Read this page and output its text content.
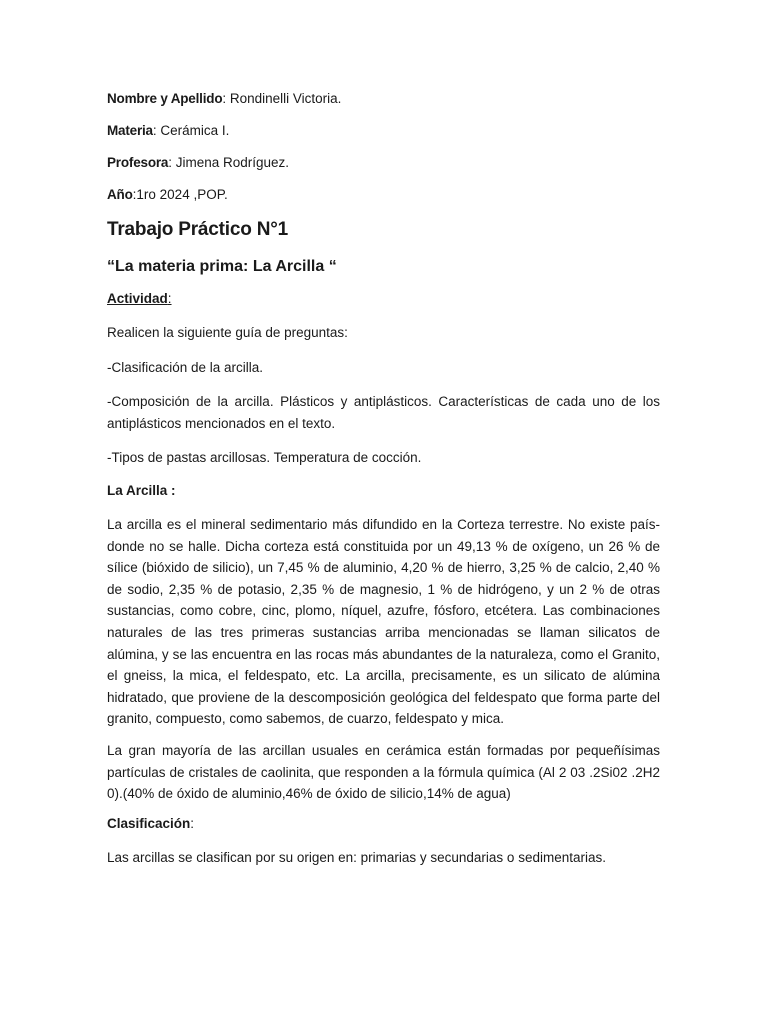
Nombre y Apellido: Rondinelli Victoria.
Materia: Cerámica I.
Profesora: Jimena Rodríguez.
Año:1ro 2024 ,POP.
Trabajo Práctico N°1
“La materia prima: La Arcilla “
Actividad:

Realicen la siguiente guía de preguntas:

-Clasificación de la arcilla.

-Composición de la arcilla. Plásticos y antiplásticos. Características de cada uno de los antiplásticos mencionados en el texto.

-Tipos de pastas arcillosas. Temperatura de cocción.

La Arcilla :

La arcilla es el mineral sedimentario más difundido en la Corteza terrestre. No existe país-donde no se halle. Dicha corteza está constituida por un 49,13 % de oxígeno, un 26 % de sílice (bióxido de silicio), un 7,45 % de aluminio, 4,20 % de hierro, 3,25 % de calcio, 2,40 % de sodio, 2,35 % de potasio, 2,35 % de magnesio, 1 % de hidrógeno, y un 2 % de otras sustancias, como cobre, cinc, plomo, níquel, azufre, fósforo, etcétera. Las combinaciones naturales de las tres primeras sustancias arriba mencionadas se llaman silicatos de alúmina, y se las encuentra en las rocas más abundantes de la naturaleza, como el Granito, el gneiss, la mica, el feldespato, etc. La arcilla, precisamente, es un silicato de alúmina hidratado, que proviene de la descomposición geológica del feldespato que forma parte del granito, compuesto, como sabemos, de cuarzo, feldespato y mica.

La gran mayoría de las arcillan usuales en cerámica están formadas por pequeñísimas partículas de cristales de caolinita, que responden a la fórmula química (Al 2 03 .2Si02 .2H2 0).(40% de óxido de aluminio,46% de óxido de silicio,14% de agua)

Clasificación:

Las arcillas se clasifican por su origen en: primarias y secundarias o sedimentarias.
